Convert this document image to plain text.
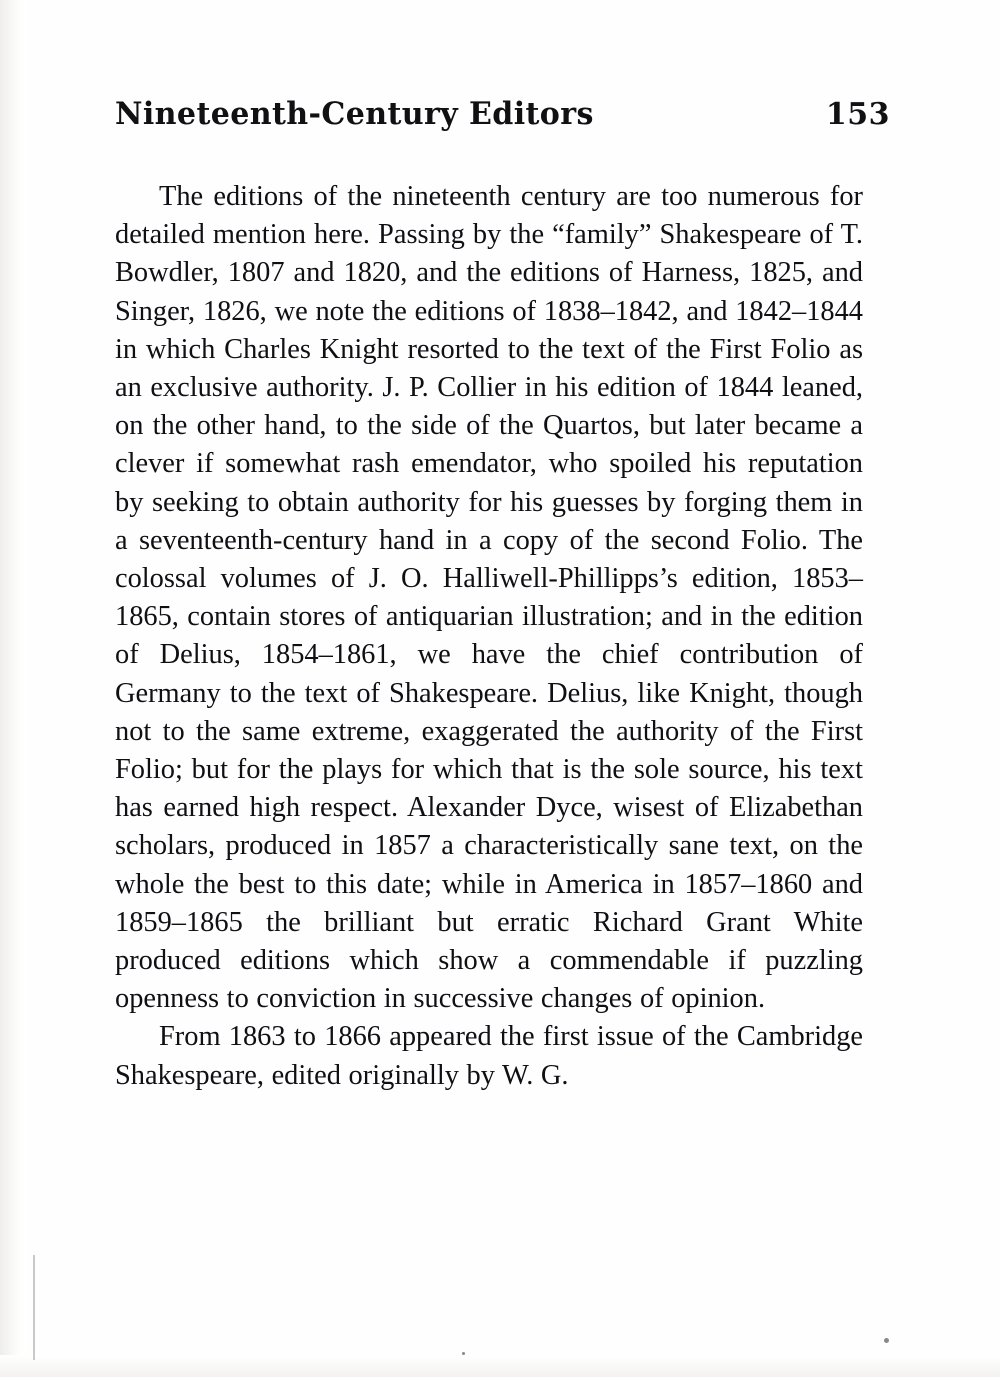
Nineteenth-Century Editors	153

The editions of the nineteenth century are too numerous for detailed mention here. Passing by the “family” Shakespeare of T. Bowdler, 1807 and 1820, and the editions of Harness, 1825, and Singer, 1826, we note the editions of 1838–1842, and 1842–1844 in which Charles Knight resorted to the text of the First Folio as an exclusive authority. J. P. Collier in his edition of 1844 leaned, on the other hand, to the side of the Quartos, but later became a clever if somewhat rash emendator, who spoiled his reputation by seeking to obtain authority for his guesses by forging them in a seventeenth-century hand in a copy of the second Folio. The colossal volumes of J. O. Halliwell-Phillipps’s edition, 1853–1865, contain stores of antiquarian illustration; and in the edition of Delius, 1854–1861, we have the chief contribution of Germany to the text of Shakespeare. Delius, like Knight, though not to the same extreme, exaggerated the authority of the First Folio; but for the plays for which that is the sole source, his text has earned high respect. Alexander Dyce, wisest of Elizabethan scholars, produced in 1857 a characteristically sane text, on the whole the best to this date; while in America in 1857–1860 and 1859–1865 the brilliant but erratic Richard Grant White produced editions which show a commendable if puzzling openness to conviction in successive changes of opinion.

From 1863 to 1866 appeared the first issue of the Cambridge Shakespeare, edited originally by W. G.
